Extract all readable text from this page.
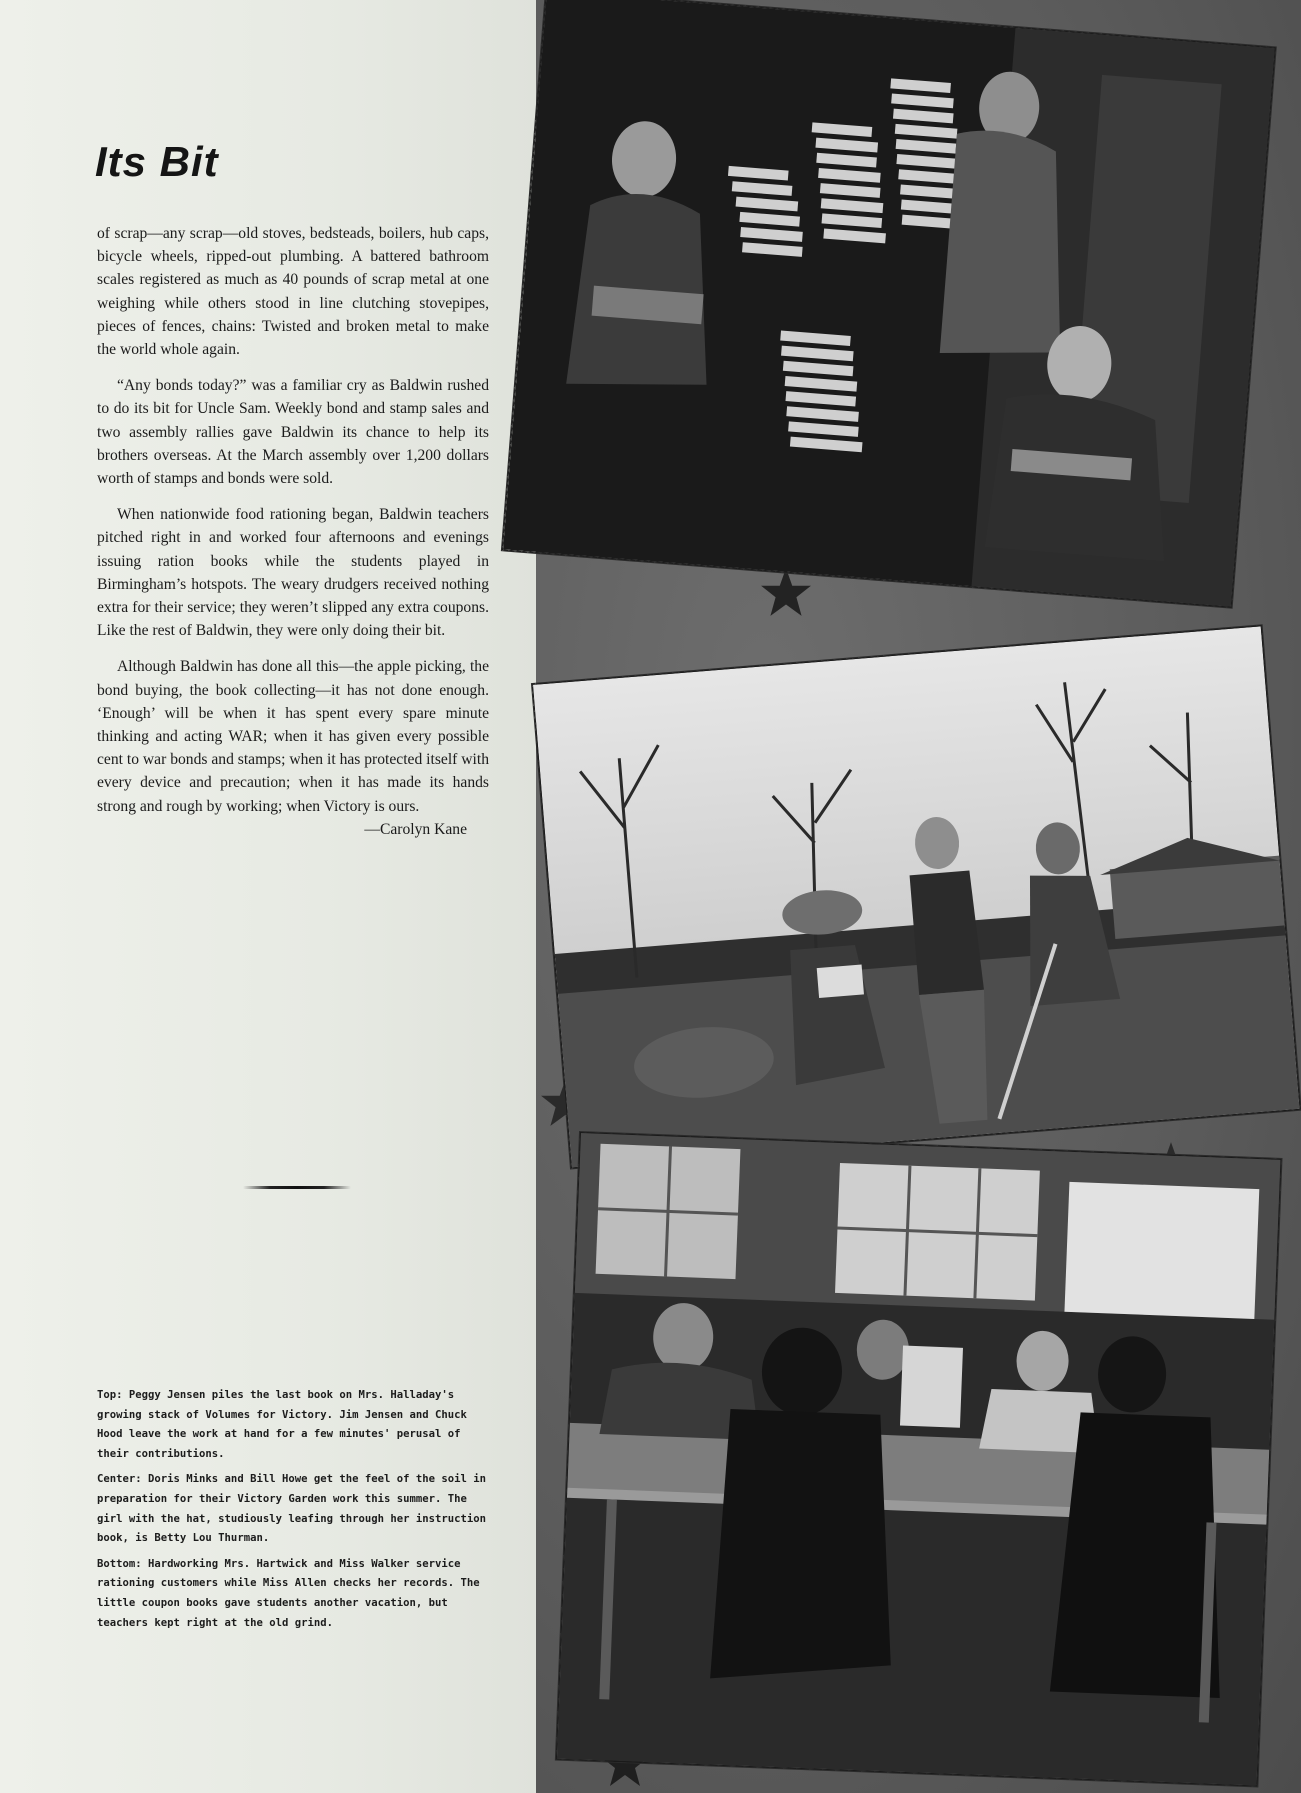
Its Bit

of scrap—any scrap—old stoves, bedsteads, boilers, hub caps, bicycle wheels, ripped-out plumbing. A battered bathroom scales registered as much as 40 pounds of scrap metal at one weighing while others stood in line clutching stovepipes, pieces of fences, chains: Twisted and broken metal to make the world whole again.

“Any bonds today?” was a familiar cry as Baldwin rushed to do its bit for Uncle Sam. Weekly bond and stamp sales and two assembly rallies gave Baldwin its chance to help its brothers overseas. At the March assembly over 1,200 dollars worth of stamps and bonds were sold.

When nationwide food rationing began, Baldwin teachers pitched right in and worked four afternoons and evenings issuing ration books while the students played in Birmingham’s hotspots. The weary drudgers received nothing extra for their service; they weren’t slipped any extra coupons. Like the rest of Baldwin, they were only doing their bit.

Although Baldwin has done all this—the apple picking, the bond buying, the book collecting—it has not done enough. ‘Enough’ will be when it has spent every spare minute thinking and acting WAR; when it has given every possible cent to war bonds and stamps; when it has protected itself with every device and precaution; when it has made its hands strong and rough by working; when Victory is ours.

—Carolyn Kane

Top: Peggy Jensen piles the last book on Mrs. Halladay's growing stack of Volumes for Victory. Jim Jensen and Chuck Hood leave the work at hand for a few minutes' perusal of their contributions.

Center: Doris Minks and Bill Howe get the feel of the soil in preparation for their Victory Garden work this summer. The girl with the hat, studiously leafing through her instruction book, is Betty Lou Thurman.

Bottom: Hardworking Mrs. Hartwick and Miss Walker service rationing customers while Miss Allen checks her records. The little coupon books gave students another vacation, but teachers kept right at the old grind.
